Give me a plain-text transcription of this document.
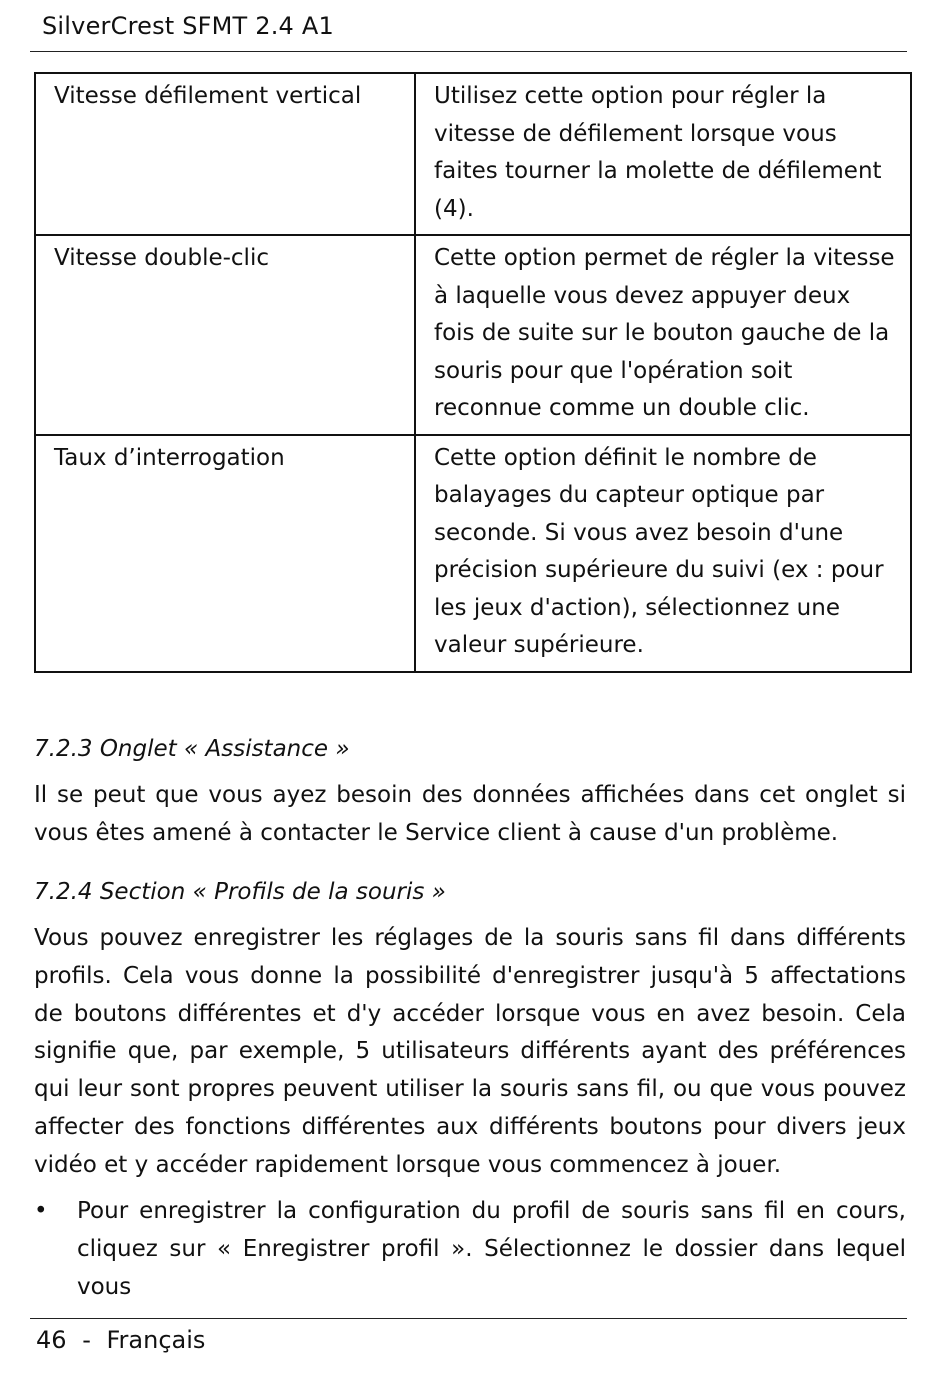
SilverCrest SFMT 2.4 A1
Vitesse défilement vertical	Utilisez cette option pour régler la vitesse de défilement lorsque vous faites tourner la molette de défilement (4).
Vitesse double-clic	Cette option permet de régler la vitesse à laquelle vous devez appuyer deux fois de suite sur le bouton gauche de la souris pour que l'opération soit reconnue comme un double clic.
Taux d’interrogation	Cette option définit le nombre de balayages du capteur optique par seconde. Si vous avez besoin d'une précision supérieure du suivi (ex : pour les jeux d'action), sélectionnez une valeur supérieure.

7.2.3 Onglet « Assistance »

Il se peut que vous ayez besoin des données affichées dans cet onglet si vous êtes amené à contacter le Service client à cause d'un problème.

7.2.4 Section « Profils de la souris »

Vous pouvez enregistrer les réglages de la souris sans fil dans différents profils. Cela vous donne la possibilité d'enregistrer jusqu'à 5 affectations de boutons différentes et d'y accéder lorsque vous en avez besoin. Cela signifie que, par exemple, 5 utilisateurs différents ayant des préférences qui leur sont propres peuvent utiliser la souris sans fil, ou que vous pouvez affecter des fonctions différentes aux différents boutons pour divers jeux vidéo et y accéder rapidement lorsque vous commencez à jouer.

• Pour enregistrer la configuration du profil de souris sans fil en cours, cliquez sur « Enregistrer profil ». Sélectionnez le dossier dans lequel vous
46 - Français
